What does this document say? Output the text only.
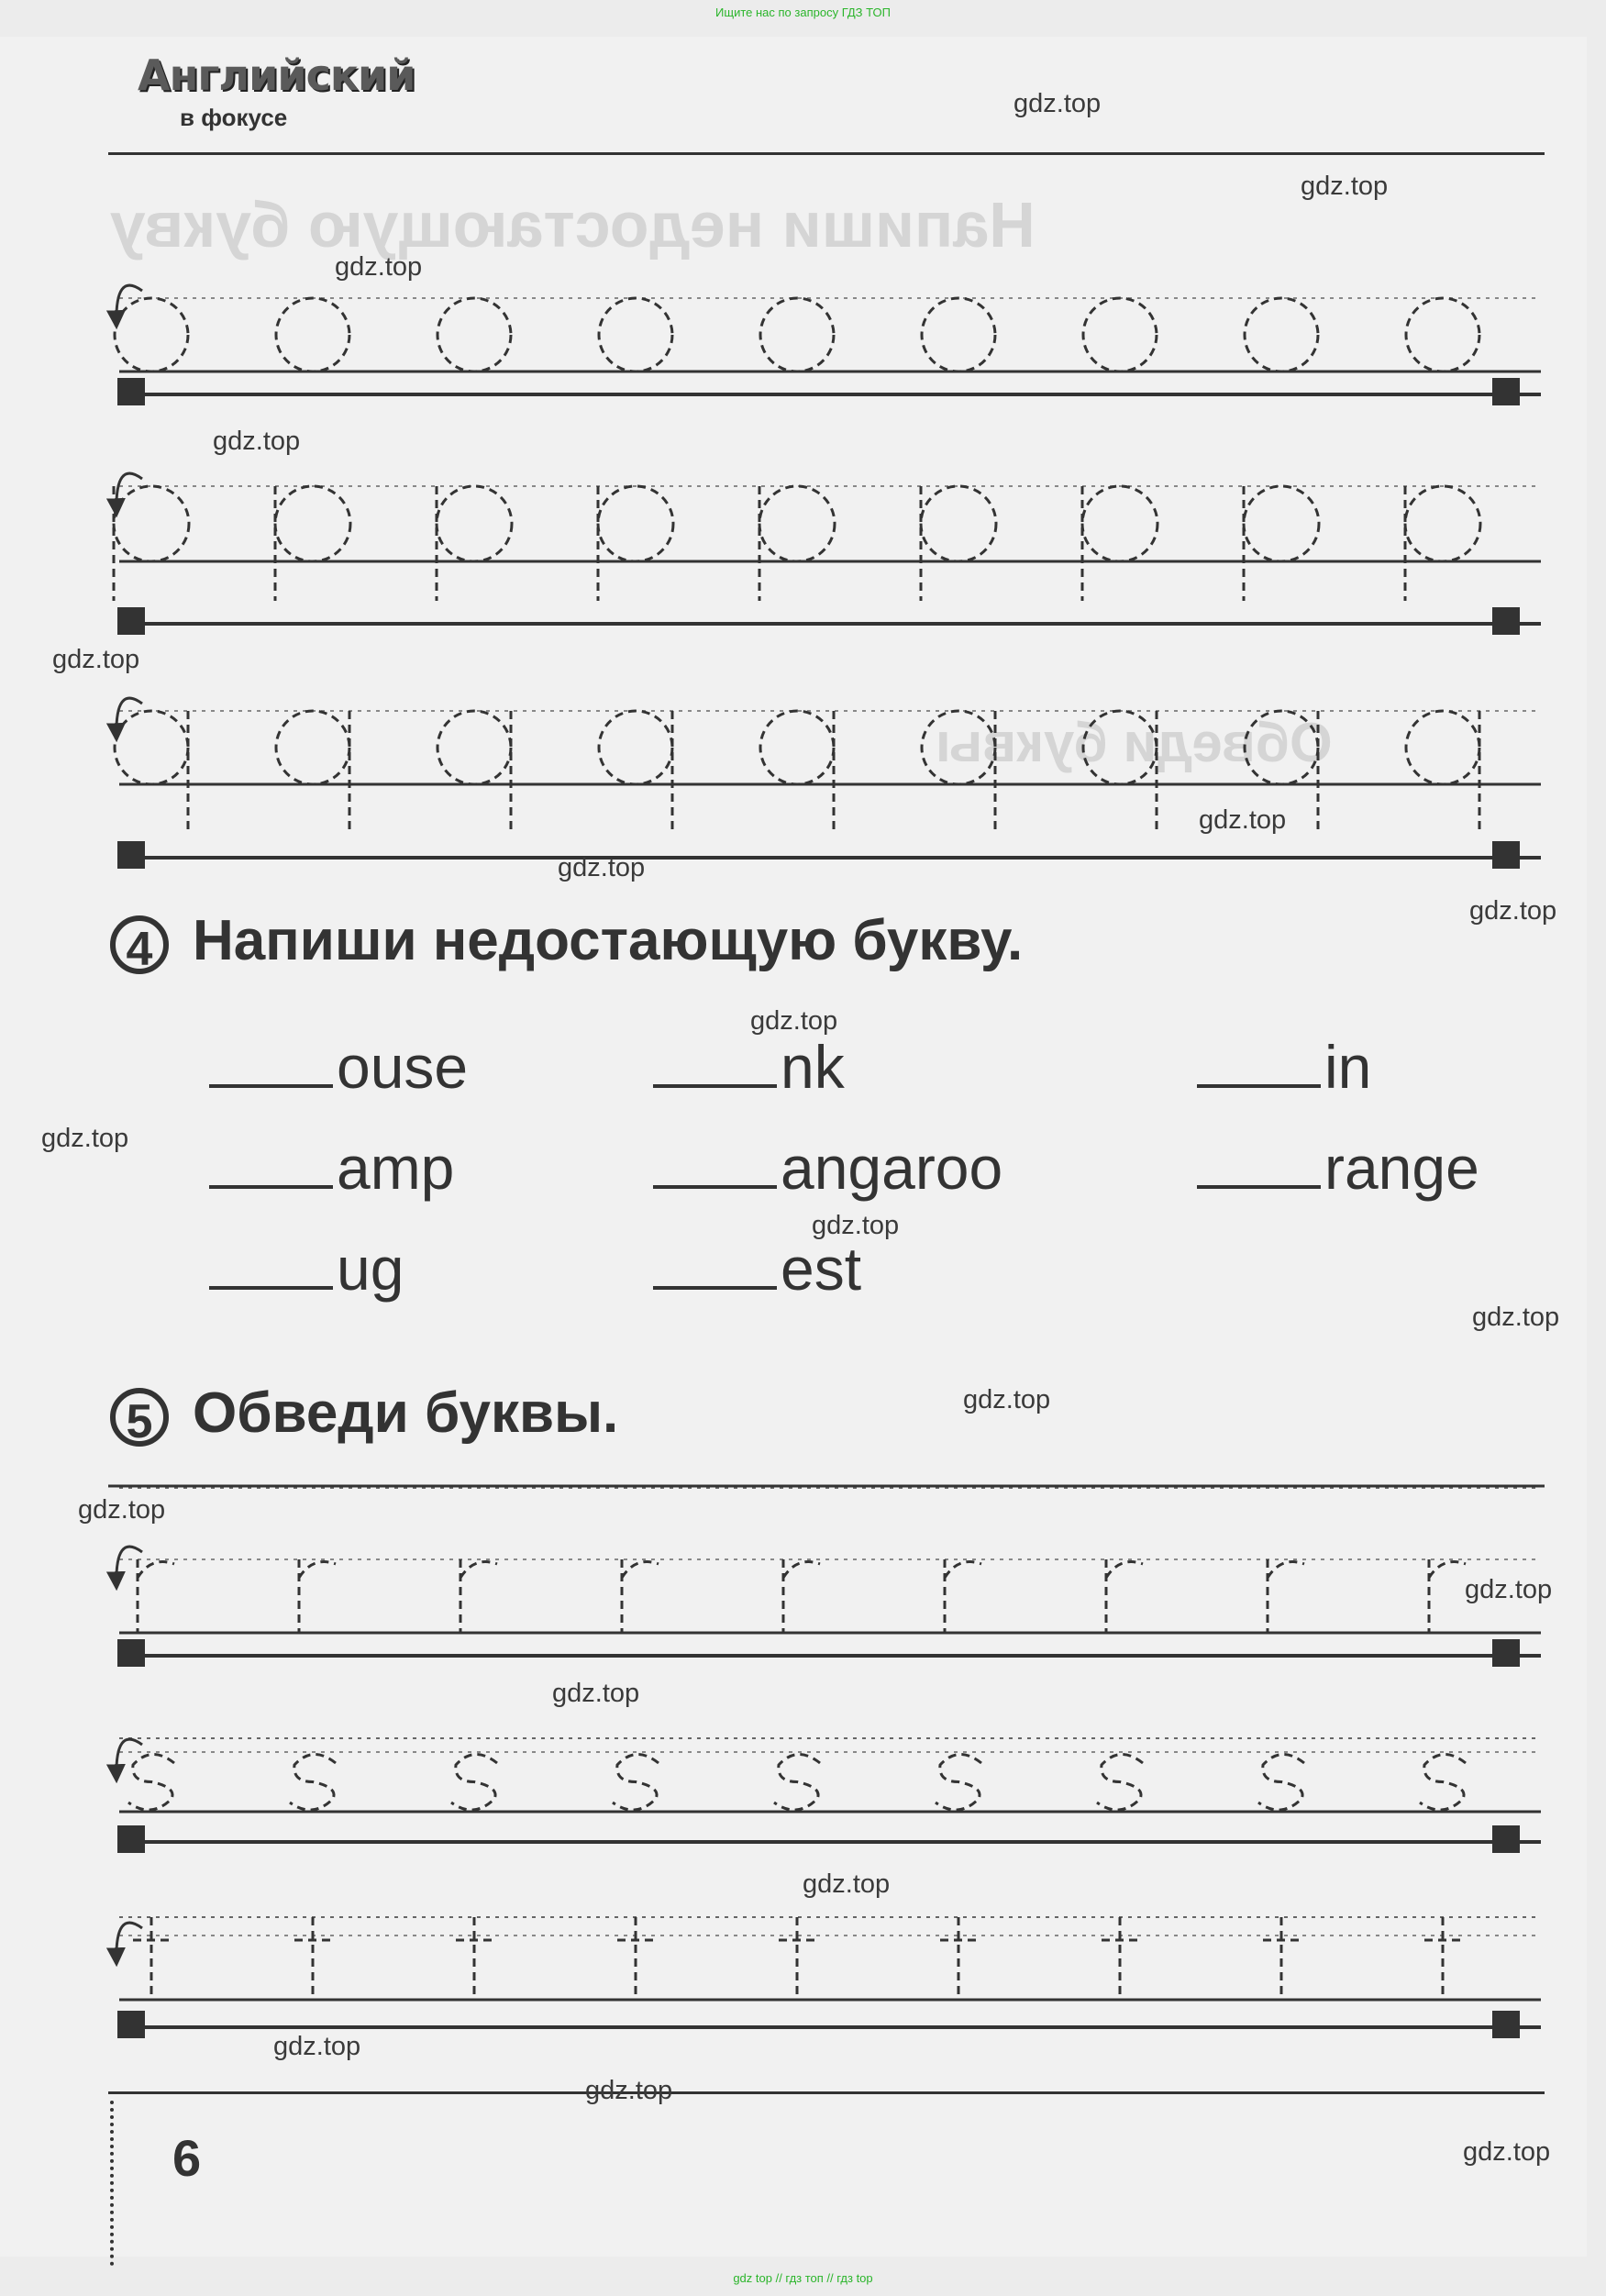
Ищите нас по запросу ГДЗ ТОП
Напиши недостающую букву
Обведи буквы
Английский
в фокусе
4 Напиши недостающую букву.
ouse	nk	in
amp	angaroo	range
ug	est
5 Обведи буквы.
6
gdz.top
gdz.top
gdz.top
gdz.top
gdz.top
gdz.top
gdz.top
gdz.top
gdz.top
gdz.top
gdz.top
gdz.top
gdz.top
gdz.top
gdz.top
gdz.top
gdz.top
gdz.top
gdz.top
gdz.top
gdz top // гдз топ // гдз top
